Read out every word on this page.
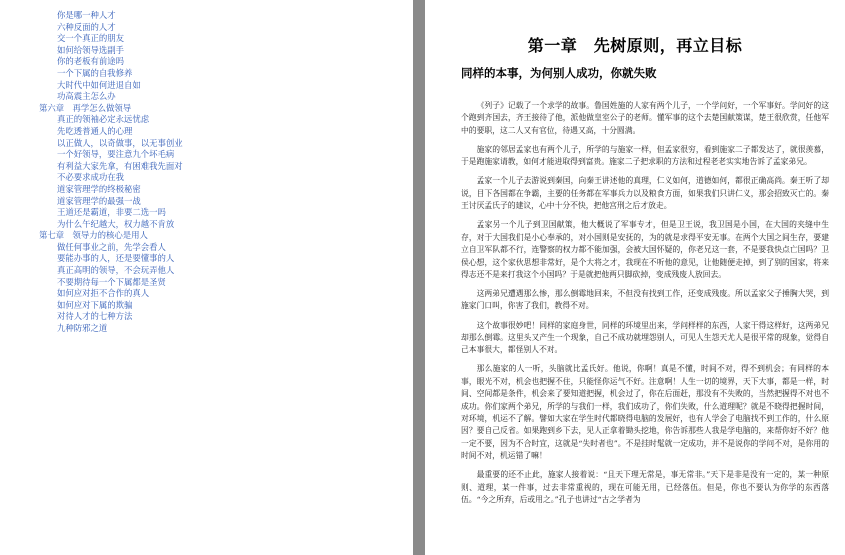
你是哪一种人才
六种反面的人才
交一个真正的朋友
如何给领导选副手
你的老板有前途吗
一个下属的自我修养
大时代中如何进退自如
功高震主怎么办
第六章　再学怎么做领导
真正的领袖必定永远忧虑
先吃透普通人的心理
以正做人，以奇做事，以无事创业
一个好领导，要注意九个坏毛病
有利益大家先拿，有困难我先面对
不必要求成功在我
道家管理学的终极秘密
道家管理学的最强一战
王道还是霸道，非要二选一吗
为什么午纪越大，权力越不肯放
第七章　领导力的核心是用人
做任何事业之前，先学会看人
要能办事的人，还是要懂事的人
真正高明的领导，不会玩弄他人
不要期待每一个下属都是圣贤
如何应对拒不合作的真人
如何应对下属的欺骗
对待人才的七种方法
九种防邪之道
第一章　先树原则，再立目标
同样的本事，为何别人成功，你就失败

《列子》记载了一个求学的故事。鲁国姓施的人家有两个儿子，一个学问好，一个军事好。学问好的这个跑到齐国去，齐王接待了他，派他做皇室公子的老师。懂军事的这个去楚国献策谋，楚王很欣赏，任他军中的要职，这二人又有官位，待遇又高，十分圆满。

施家的邻居孟家也有两个儿子，所学的与施家一样，但孟家很穷，看到施家二子都发达了，就很羡慕，于是跑施家请教，如何才能进取得到富贵。施家二子把求职的方法和过程老老实实地告诉了孟家弟兄。

孟家一个儿子去游说到秦国，向秦王讲述他的真理，仁义如何，道德如何，都很正确高尚。秦王听了却说，目下各国都在争霸，主要的任务都在军事兵力以及粮食方面，如果我们只讲仁义，那会招致灭亡的。秦王讨厌孟氏子的建议，心中十分不快，把他宫刑之后才放走。

孟家另一个儿子到卫国献策，他大概说了军事专才，但是卫王说，我卫国是小国，在大国的夹缝中生存，对于大国我们是小心奉承的，对小国则是安抚的，为的就是求得平安无事。在两个大国之间生存，要建立自卫军队都不行，连警察的权力都不能加强，会被大国怀疑的，你老兄这一套，不是要我快点亡国吗？卫侯心想，这个家伙思想非常好，是个大将之才，我现在不听他的意见，让他随便走掉，到了别的国家，将来得志还不是来打我这个小国吗？于是就把他两只脚砍掉，变成残废人放回去。

这两弟兄遭遇那么惨，那么倒霉地回来，不但没有找到工作，还变成残废。所以孟家父子捶胸大哭，到施家门口叫，你害了我们，教得不对。

这个故事很妙吧！同样的家庭身世，同样的环境里出来，学问样样的东西，人家干得这样好，这两弟兄却那么倒霉。这里头又产生一个现象，自己不成功就埋怨别人，可见人生怨天尤人是很平常的现象，觉得自己本事很大，都怪别人不对。

那么施家的人一听，头脑就比孟氏好。他说，你啊！真是不懂，时间不对，得不到机会；有同样的本事，眼光不对，机会也把握不住，只能怪你运气不好。注意啊！人生一切的境界，天下大事，都是一样，时间、空间都是条件，机会来了要知道把握，机会过了，你在后面赶，那没有不失败的，当然把握得不对也不成功。你们家两个弟兄，所学的与我们一样，我们成功了，你们失败，什么道理呢？就是不晓得把握时间，对环境，机运不了解。譬如大家在学生时代都晓得电脑的发展好，也有人学会了电脑找不到工作的，什么原因？要自己反省。如果跑到乡下去，见人正拿着锄头挖地，你告诉那些人我是学电脑的，来帮你好不好？他一定不要，因为不合时宜，这就是“失时者也”。不是挂时髦就一定成功，并不是说你的学问不对，是你用的时间不对，机运错了嘛！

最重要的还不止此，施家人接着说：“且天下理无常是，事无常非。”天下是非是没有一定的，某一种原则、道理，某一件事，过去非常重视的，现在可能无用，已经落伍。但是，你也不要认为你学的东西落伍。“今之所弃，后或用之。”孔子也讲过“古之学者为
